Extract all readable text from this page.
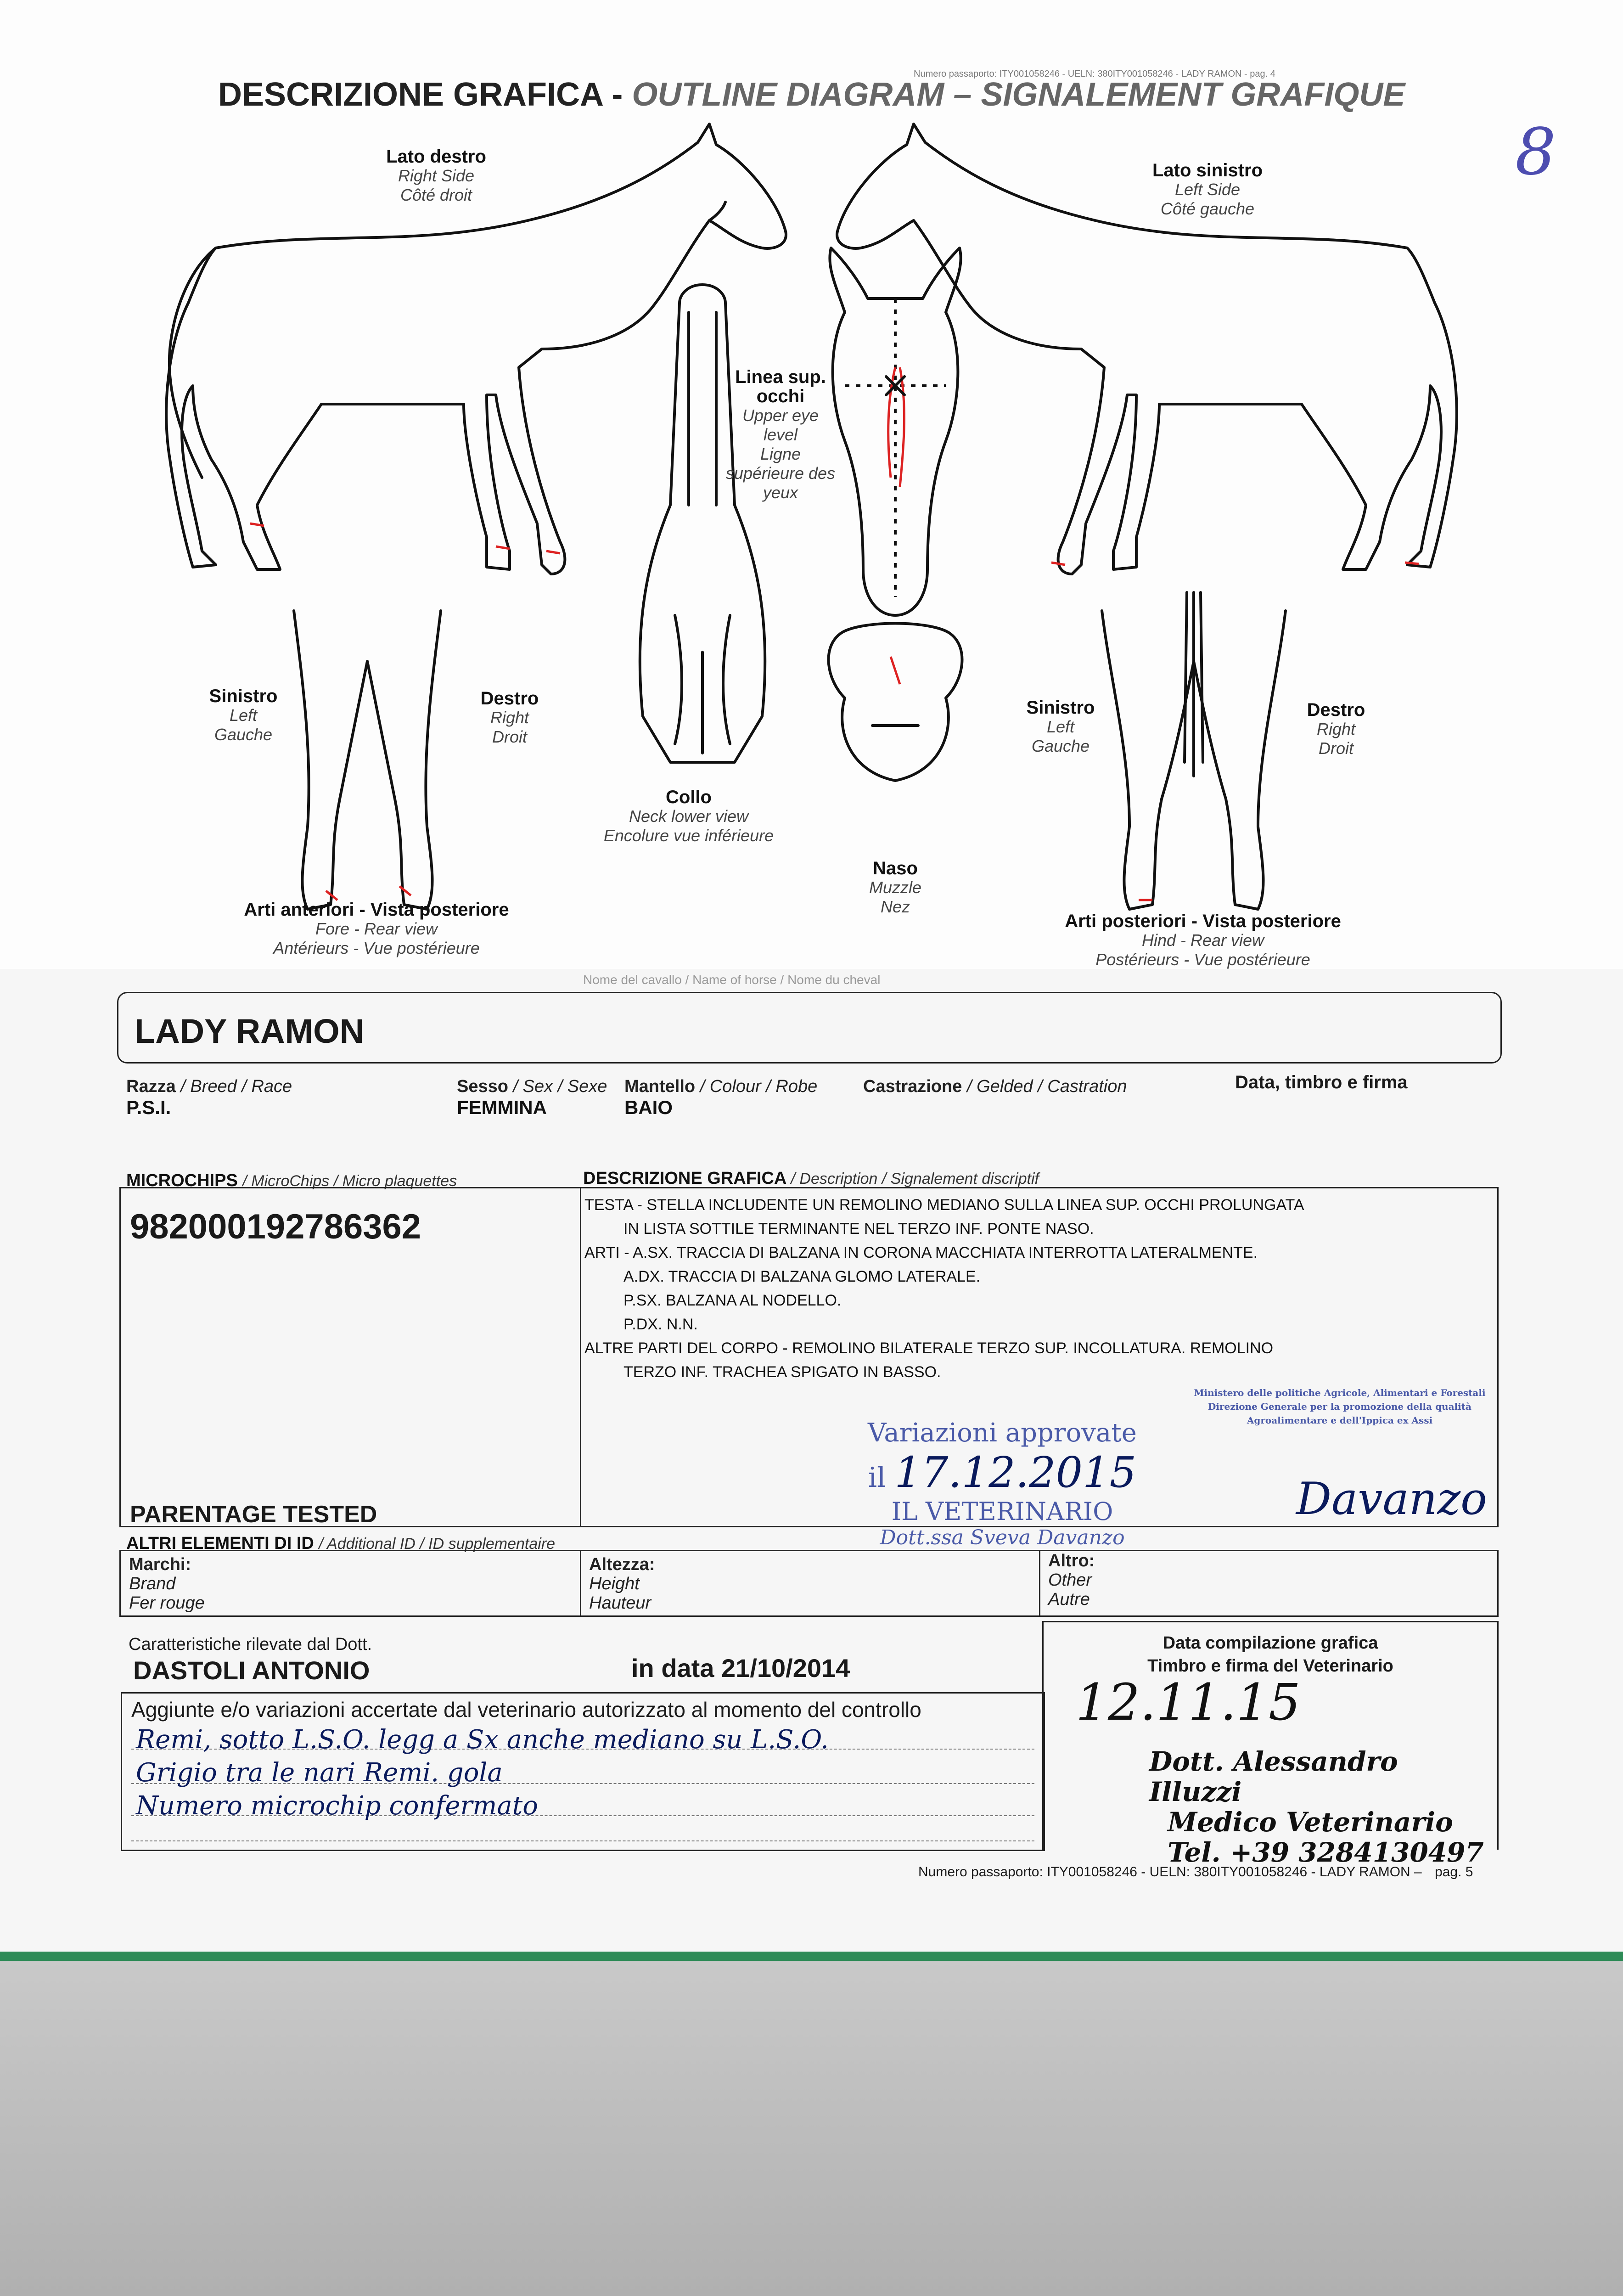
DESCRIZIONE GRAFICA - OUTLINE DIAGRAM – SIGNALEMENT GRAFIQUE
Numero passaporto: ITY001058246 - UELN: 380ITY001058246 - LADY RAMON - pag. 4
8
Lato destro
Right Side
Côté droit
Lato sinistro
Left Side
Côté gauche
Linea sup. occhi
Upper eye level
Ligne supérieure des yeux
Sinistro
Left
Gauche
Destro
Right
Droit
Sinistro
Left
Gauche
Destro
Right
Droit
Collo
Neck lower view
Encolure vue inférieure
Naso
Muzzle
Nez
Arti anteriori - Vista posteriore
Fore - Rear view
Antérieurs - Vue postérieure
Arti posteriori - Vista posteriore
Hind - Rear view
Postérieurs - Vue postérieure
Nome del cavallo / Name of horse / Nome du cheval
LADY RAMON
Razza / Breed / Race
P.S.I.
Sesso / Sex / Sexe
FEMMINA
Mantello / Colour / Robe
BAIO
Castrazione / Gelded / Castration	Data, timbro e firma
MICROCHIPS / MicroChips / Micro plaquettes	DESCRIZIONE GRAFICA / Description / Signalement discriptif
982000192786362
PARENTAGE TESTED
TESTA - STELLA INCLUDENTE UN REMOLINO MEDIANO SULLA LINEA SUP. OCCHI PROLUNGATA
IN LISTA SOTTILE TERMINANTE NEL TERZO INF. PONTE NASO.
ARTI - A.SX. TRACCIA DI BALZANA IN CORONA MACCHIATA INTERROTTA LATERALMENTE.
A.DX. TRACCIA DI BALZANA GLOMO LATERALE.
P.SX. BALZANA AL NODELLO.
P.DX. N.N.
ALTRE PARTI DEL CORPO - REMOLINO BILATERALE TERZO SUP. INCOLLATURA. REMOLINO
TERZO INF. TRACHEA SPIGATO IN BASSO.
Ministero delle politiche Agricole, Alimentari e Forestali
Direzione Generale per la promozione della qualità
Agroalimentare e dell'Ippica ex Assi
Variazioni approvate
il 17.12.2015
IL VETERINARIO
Dott.ssa Sveva Davanzo
Davanzo
ALTRI ELEMENTI DI ID / Additional ID / ID supplementaire
Marchi:
Brand
Fer rouge
Altezza:
Height
Hauteur
Altro:
Other
Autre
Caratteristiche rilevate dal Dott.
DASTOLI ANTONIO	in data 21/10/2014
Data compilazione grafica
Timbro e firma del Veterinario
12.11.15
Dott. Alessandro Illuzzi
Medico Veterinario
Tel. +39 3284130497
Aggiunte e/o variazioni accertate dal veterinario autorizzato al momento del controllo
Remi, sotto L.S.O. legg a Sx anche mediano su L.S.O.
Grigio tra le nari Remi. gola
Numero microchip confermato
Numero passaporto: ITY001058246 - UELN: 380ITY001058246 - LADY RAMON – pag. 5
